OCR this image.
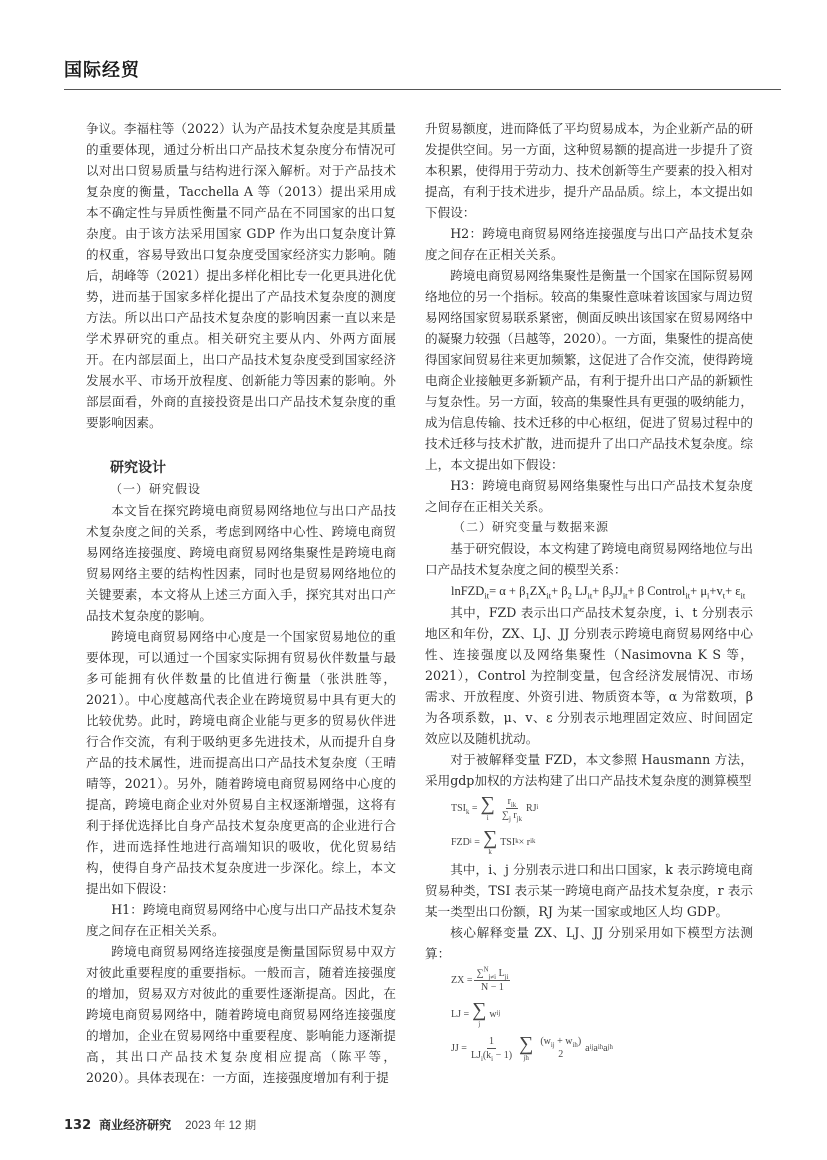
国际经贸

争议。李福柱等（2022）认为产品技术复杂度是其质量的重要体现，通过分析出口产品技术复杂度分布情况可以对出口贸易质量与结构进行深入解析。对于产品技术复杂度的衡量，Tacchella A 等（2013）提出采用成本不确定性与异质性衡量不同产品在不同国家的出口复杂度。由于该方法采用国家 GDP 作为出口复杂度计算的权重，容易导致出口复杂度受国家经济实力影响。随后，胡峰等（2021）提出多样化相比专一化更具进化优势，进而基于国家多样化提出了产品技术复杂度的测度方法。所以出口产品技术复杂度的影响因素一直以来是学术界研究的重点。相关研究主要从内、外两方面展开。在内部层面上，出口产品技术复杂度受到国家经济发展水平、市场开放程度、创新能力等因素的影响。外部层面看，外商的直接投资是出口产品技术复杂度的重要影响因素。

研究设计
（一）研究假设

本文旨在探究跨境电商贸易网络地位与出口产品技术复杂度之间的关系，考虑到网络中心性、跨境电商贸易网络连接强度、跨境电商贸易网络集聚性是跨境电商贸易网络主要的结构性因素，同时也是贸易网络地位的关键要素，本文将从上述三方面入手，探究其对出口产品技术复杂度的影响。

跨境电商贸易网络中心度是一个国家贸易地位的重要体现，可以通过一个国家实际拥有贸易伙伴数量与最多可能拥有伙伴数量的比值进行衡量（张洪胜等，2021）。中心度越高代表企业在跨境贸易中具有更大的比较优势。此时，跨境电商企业能与更多的贸易伙伴进行合作交流，有利于吸纳更多先进技术，从而提升自身产品的技术属性，进而提高出口产品技术复杂度（王晴晴等，2021）。另外，随着跨境电商贸易网络中心度的提高，跨境电商企业对外贸易自主权逐渐增强，这将有利于择优选择比自身产品技术复杂度更高的企业进行合作，进而选择性地进行高端知识的吸收，优化贸易结构，使得自身产品技术复杂度进一步深化。综上，本文提出如下假设：

H1：跨境电商贸易网络中心度与出口产品技术复杂度之间存在正相关关系。

跨境电商贸易网络连接强度是衡量国际贸易中双方对彼此重要程度的重要指标。一般而言，随着连接强度的增加，贸易双方对彼此的重要性逐渐提高。因此，在跨境电商贸易网络中，随着跨境电商贸易网络连接强度的增加，企业在贸易网络中重要程度、影响能力逐渐提高，其出口产品技术复杂度相应提高（陈平等，2020）。具体表现在：一方面，连接强度增加有利于提

升贸易额度，进而降低了平均贸易成本，为企业新产品的研发提供空间。另一方面，这种贸易额的提高进一步提升了资本积累，使得用于劳动力、技术创新等生产要素的投入相对提高，有利于技术进步，提升产品品质。综上，本文提出如下假设：

H2：跨境电商贸易网络连接强度与出口产品技术复杂度之间存在正相关关系。

跨境电商贸易网络集聚性是衡量一个国家在国际贸易网络地位的另一个指标。较高的集聚性意味着该国家与周边贸易网络国家贸易联系紧密，侧面反映出该国家在贸易网络中的凝聚力较强（吕越等，2020）。一方面，集聚性的提高使得国家间贸易往来更加频繁，这促进了合作交流，使得跨境电商企业接触更多新颖产品，有利于提升出口产品的新颖性与复杂性。另一方面，较高的集聚性具有更强的吸纳能力，成为信息传输、技术迁移的中心枢纽，促进了贸易过程中的技术迁移与技术扩散，进而提升了出口产品技术复杂度。综上，本文提出如下假设：

H3：跨境电商贸易网络集聚性与出口产品技术复杂度之间存在正相关关系。

（二）研究变量与数据来源

基于研究假设，本文构建了跨境电商贸易网络地位与出口产品技术复杂度之间的模型关系：

lnFZD$_{it}$= $\alpha + \beta_1ZX_{it}+ \beta_2$ $LJ_{it}+ \beta_3JJ_{it}+ \beta$ Control$_{it}$+ $\mu_i+v_t+ \varepsilon_{it}$

其中，FZD 表示出口产品技术复杂度，i、t 分别表示地区和年份，ZX、LJ、JJ 分别表示跨境电商贸易网络中心性、连接强度以及网络集聚性（Nasimovna K S 等，2021），Control 为控制变量，包含经济发展情况、市场需求、开放程度、外资引进、物质资本等，α 为常数项，β 为各项系数，μ、v、ε 分别表示地理固定效应、时间固定效应以及随机扰动。

对于被解释变量 FZD，本文参照 Hausmann 方法，采用gdp加权的方法构建了出口产品技术复杂度的测算模型

$TSI_k$ = ∑
i $\frac{r_{ik}}{\sum_j r_{jk}}$ RJ i
FZD i = ∑
k
TSI k × r ik

其中，i、j 分别表示进口和出口国家，k 表示跨境电商贸易种类，TSI 表示某一跨境电商产品技术复杂度，r 表示某一类型出口份额，RJ 为某一国家或地区人均 GDP。

核心解释变量 ZX、LJ、JJ 分别采用如下模型方法测算：

ZX = $\frac{\sum^N_{j\ne i} L_{ji}}{N - 1}$
LJ = ∑
j
w ij
JJ = $\frac{1}{LJ_i(k_i - 1)}$ ∑
jh
$(w_{ij} + w_{ih})$
2
a ij a ih a jh
132 商业经济研究 2023 年 12 期
